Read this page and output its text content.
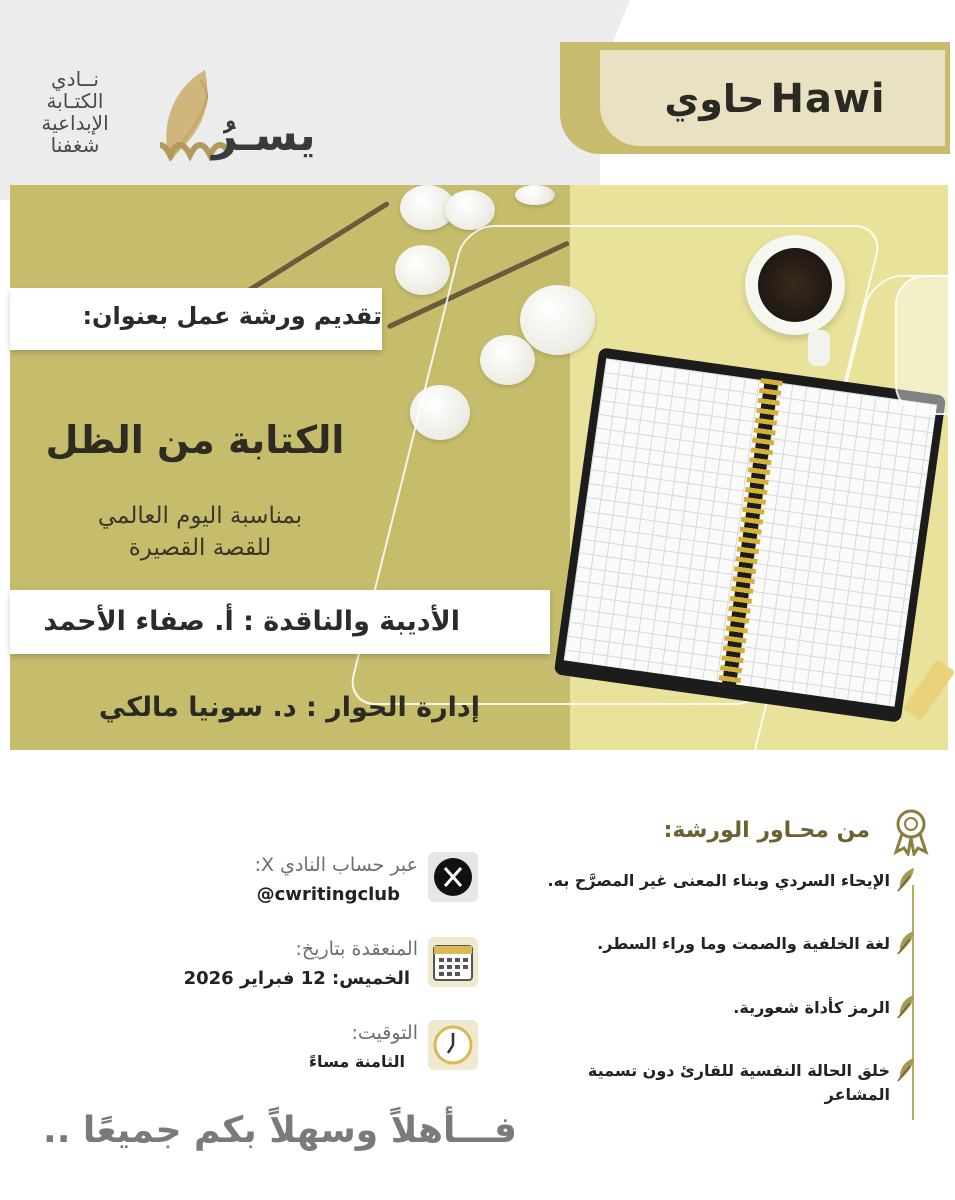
يسـرُ
نــادي
الكتـابة
الإبداعية
شغفنا
حاوي Hawi
تقديم ورشة عمل بعنوان:
الكتابة من الظل
بمناسبة اليوم العالمي
للقصة القصيرة
الأديبة والناقدة : أ. صفاء الأحمد
إدارة الحوار : د. سونيا مالكي
من محـاور الورشة:
الإيحاء السردي وبناء المعنى غير المصرَّح به.
لغة الخلفية والصمت وما وراء السطر.
الرمز كأداة شعورية.
خلق الحالة النفسية للقارئ دون تسمية
المشاعر
عبر حساب النادي X:
@cwritingclub
المنعقدة بتاريخ:
الخميس: 12 فبراير 2026
التوقيت:
الثامنة مساءً
فـــأهلاً وسهلاً بكم جميعًا ..
